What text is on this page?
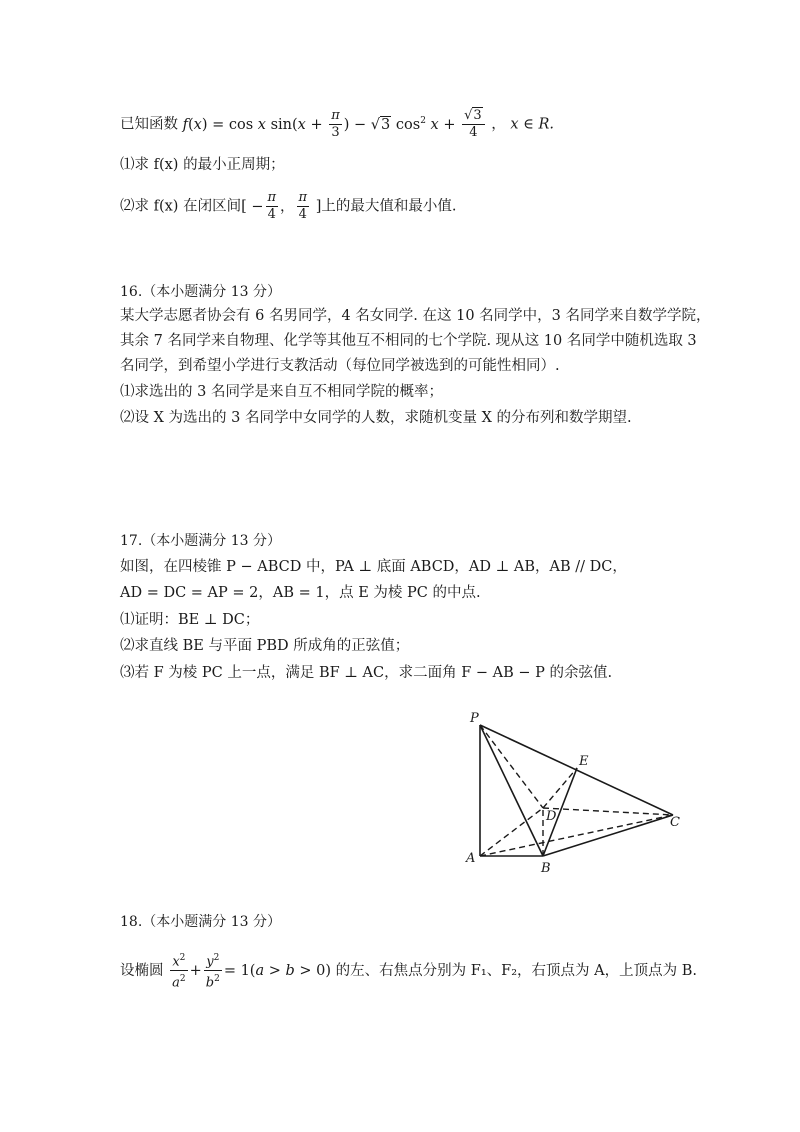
已知函数 f(x) = cos x $\sin(x + \frac{\pi}{3}$ ) − √3 $\cos^2 x + \frac{√3}{4}$ ， x ∈ R.
⑴求 f(x) 的最小正周期；
⑵求 f(x) 在闭区间[ − $\frac{\pi}{4}$ ， $\frac{\pi}{4}$ ]上的最大值和最小值.
16.（本小题满分 13 分）
某大学志愿者协会有 6 名男同学，4 名女同学. 在这 10 名同学中，3 名同学来自数学学院，
其余 7 名同学来自物理、化学等其他互不相同的七个学院. 现从这 10 名同学中随机选取 3
名同学，到希望小学进行支教活动（每位同学被选到的可能性相同）.
⑴求选出的 3 名同学是来自互不相同学院的概率；
⑵设 X 为选出的 3 名同学中女同学的人数，求随机变量 X 的分布列和数学期望.
17.（本小题满分 13 分）
如图，在四棱锥 P − ABCD 中，PA ⊥ 底面 ABCD，AD ⊥ AB，AB // DC，
AD = DC = AP = 2，AB = 1，点 E 为棱 PC 的中点.
⑴证明：BE ⊥ DC；
⑵求直线 BE 与平面 PBD 所成角的正弦值；
⑶若 F 为棱 PC 上一点，满足 BF ⊥ AC，求二面角 F − AB − P 的余弦值.
P
E
D	C
A
B
18.（本小题满分 13 分）
设椭圆 $\frac{x^2}{a^2} + \frac{y^2}{b^2} = 1(a > b > 0)$ 的左、右焦点分别为 F₁、F₂，右顶点为 A，上顶点为 B.
